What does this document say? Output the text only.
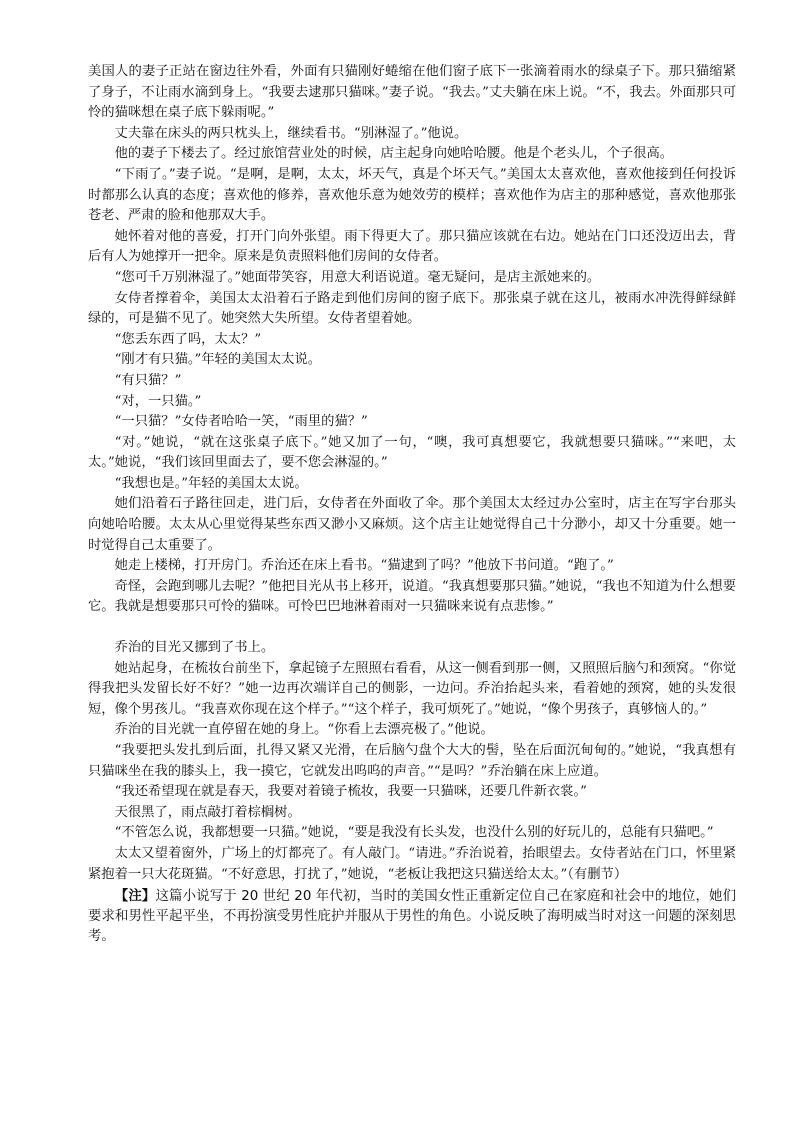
美国人的妻子正站在窗边往外看，外面有只猫刚好蜷缩在他们窗子底下一张滴着雨水的绿桌子下。那只猫缩紧了身子，不让雨水滴到身上。“我要去逮那只猫咪。”妻子说。“我去。”丈夫躺在床上说。“不，我去。外面那只可怜的猫咪想在桌子底下躲雨呢。”

丈夫靠在床头的两只枕头上，继续看书。“别淋湿了。”他说。

他的妻子下楼去了。经过旅馆营业处的时候，店主起身向她哈哈腰。他是个老头儿，个子很高。

“下雨了。”妻子说。“是啊，是啊，太太，坏天气，真是个坏天气。”美国太太喜欢他，喜欢他接到任何投诉时都那么认真的态度；喜欢他的修养，喜欢他乐意为她效劳的模样；喜欢他作为店主的那种感觉，喜欢他那张苍老、严肃的脸和他那双大手。

她怀着对他的喜爱，打开门向外张望。雨下得更大了。那只猫应该就在右边。她站在门口还没迈出去，背后有人为她撑开一把伞。原来是负责照料他们房间的女侍者。

“您可千万别淋湿了。”她面带笑容，用意大利语说道。毫无疑问，是店主派她来的。

女侍者撑着伞，美国太太沿着石子路走到他们房间的窗子底下。那张桌子就在这儿，被雨水冲洗得鲜绿鲜绿的，可是猫不见了。她突然大失所望。女侍者望着她。

“您丢东西了吗，太太？”

“刚才有只猫。”年轻的美国太太说。

“有只猫？”

“对，一只猫。”

“一只猫？”女侍者哈哈一笑，“雨里的猫？”

“对。”她说，“就在这张桌子底下。”她又加了一句，“噢，我可真想要它，我就想要只猫咪。”“来吧，太太。”她说，“我们该回里面去了，要不您会淋湿的。”

“我想也是。”年轻的美国太太说。

她们沿着石子路往回走，进门后，女侍者在外面收了伞。那个美国太太经过办公室时，店主在写字台那头向她哈哈腰。太太从心里觉得某些东西又渺小又麻烦。这个店主让她觉得自己十分渺小，却又十分重要。她一时觉得自己太重要了。

她走上楼梯，打开房门。乔治还在床上看书。“猫逮到了吗？”他放下书问道。“跑了。”

奇怪，会跑到哪儿去呢？”他把目光从书上移开，说道。“我真想要那只猫。”她说，“我也不知道为什么想要它。我就是想要那只可怜的猫咪。可怜巴巴地淋着雨对一只猫咪来说有点悲惨。”

乔治的目光又挪到了书上。

她站起身，在梳妆台前坐下，拿起镜子左照照右看看，从这一侧看到那一侧，又照照后脑勺和颈窝。“你觉得我把头发留长好不好？”她一边再次端详自己的侧影，一边问。乔治抬起头来，看着她的颈窝，她的头发很短，像个男孩儿。“我喜欢你现在这个样子。”“这个样子，我可烦死了。”她说，“像个男孩子，真够恼人的。”

乔治的目光就一直停留在她的身上。“你看上去漂亮极了。”他说。

“我要把头发扎到后面，扎得又紧又光滑，在后脑勺盘个大大的髻，坠在后面沉甸甸的。”她说，“我真想有只猫咪坐在我的膝头上，我一摸它，它就发出呜呜的声音。”“是吗？”乔治躺在床上应道。

“我还希望现在就是春天，我要对着镜子梳妆，我要一只猫咪，还要几件新衣裳。”

天很黑了，雨点敲打着棕榈树。

“不管怎么说，我都想要一只猫。”她说，“要是我没有长头发，也没什么别的好玩儿的，总能有只猫吧。”

太太又望着窗外，广场上的灯都亮了。有人敲门。“请进。”乔治说着，抬眼望去。女侍者站在门口，怀里紧紧抱着一只大花斑猫。“不好意思，打扰了，”她说，“老板让我把这只猫送给太太。”（有删节）

【注】这篇小说写于 20 世纪 20 年代初，当时的美国女性正重新定位自己在家庭和社会中的地位，她们要求和男性平起平坐，不再扮演受男性庇护并服从于男性的角色。小说反映了海明威当时对这一问题的深刻思考。
